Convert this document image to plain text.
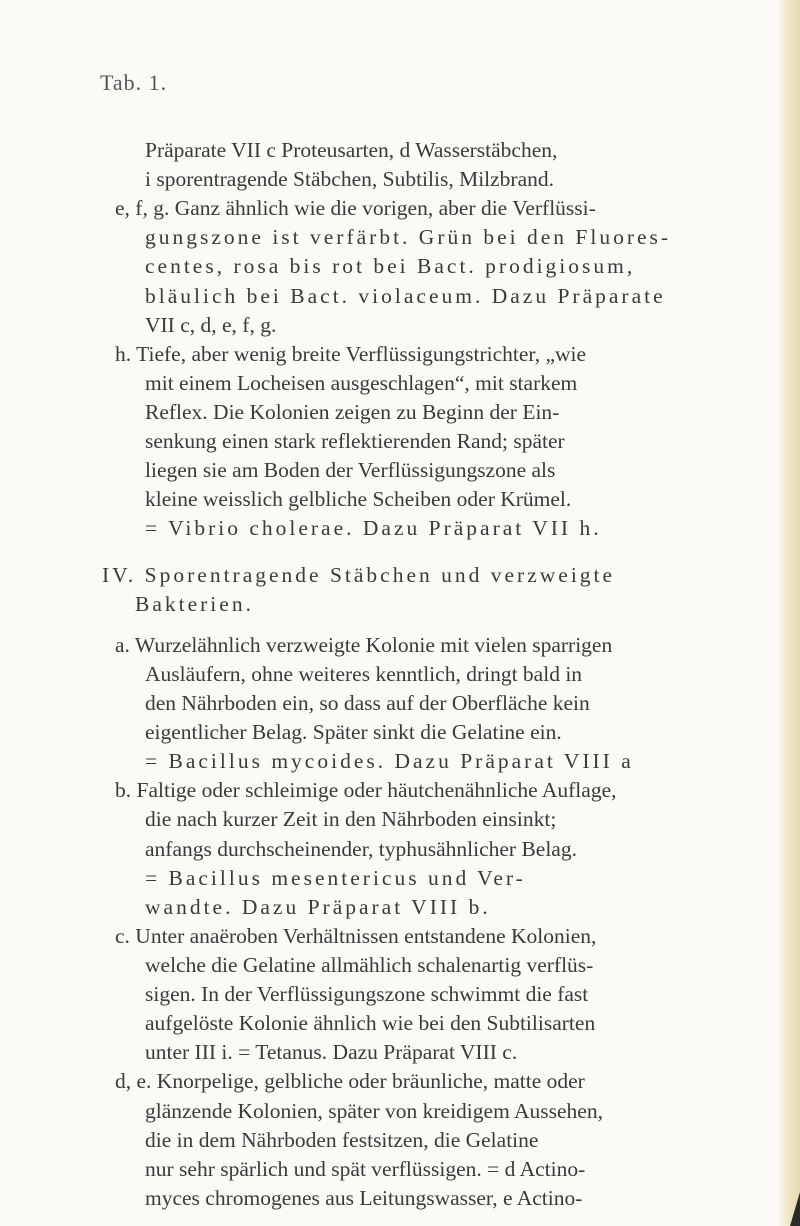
Tab. 1.
Präparate VII c Proteusarten, d Wasserstäbchen,
i sporentragende Stäbchen, Subtilis, Milzbrand.
e, f, g. Ganz ähnlich wie die vorigen, aber die Verflüssi-
gungszone ist verfärbt. Grün bei den Fluores-
centes, rosa bis rot bei Bact. prodigiosum,
bläulich bei Bact. violaceum. Dazu Präparate
VII c, d, e, f, g.
h. Tiefe, aber wenig breite Verflüssigungstrichter, „wie
mit einem Locheisen ausgeschlagen“, mit starkem
Reflex. Die Kolonien zeigen zu Beginn der Ein-
senkung einen stark reflektierenden Rand; später
liegen sie am Boden der Verflüssigungszone als
kleine weisslich gelbliche Scheiben oder Krümel.
= Vibrio cholerae. Dazu Präparat VII h.
IV. Sporentragende Stäbchen und verzweigte
Bakterien.
a. Wurzelähnlich verzweigte Kolonie mit vielen sparrigen
Ausläufern, ohne weiteres kenntlich, dringt bald in
den Nährboden ein, so dass auf der Oberfläche kein
eigentlicher Belag. Später sinkt die Gelatine ein.
= Bacillus mycoides. Dazu Präparat VIII a
b. Faltige oder schleimige oder häutchenähnliche Auflage,
die nach kurzer Zeit in den Nährboden einsinkt;
anfangs durchscheinender, typhusähnlicher Belag.
= Bacillus mesentericus und Ver-
wandte. Dazu Präparat VIII b.
c. Unter anaëroben Verhältnissen entstandene Kolonien,
welche die Gelatine allmählich schalenartig verflüs-
sigen. In der Verflüssigungszone schwimmt die fast
aufgelöste Kolonie ähnlich wie bei den Subtilisarten
unter III i. = Tetanus. Dazu Präparat VIII c.
d, e. Knorpelige, gelbliche oder bräunliche, matte oder
glänzende Kolonien, später von kreidigem Aussehen,
die in dem Nährboden festsitzen, die Gelatine
nur sehr spärlich und spät verflüssigen. = d Actino-
myces chromogenes aus Leitungswasser, e Actino-
